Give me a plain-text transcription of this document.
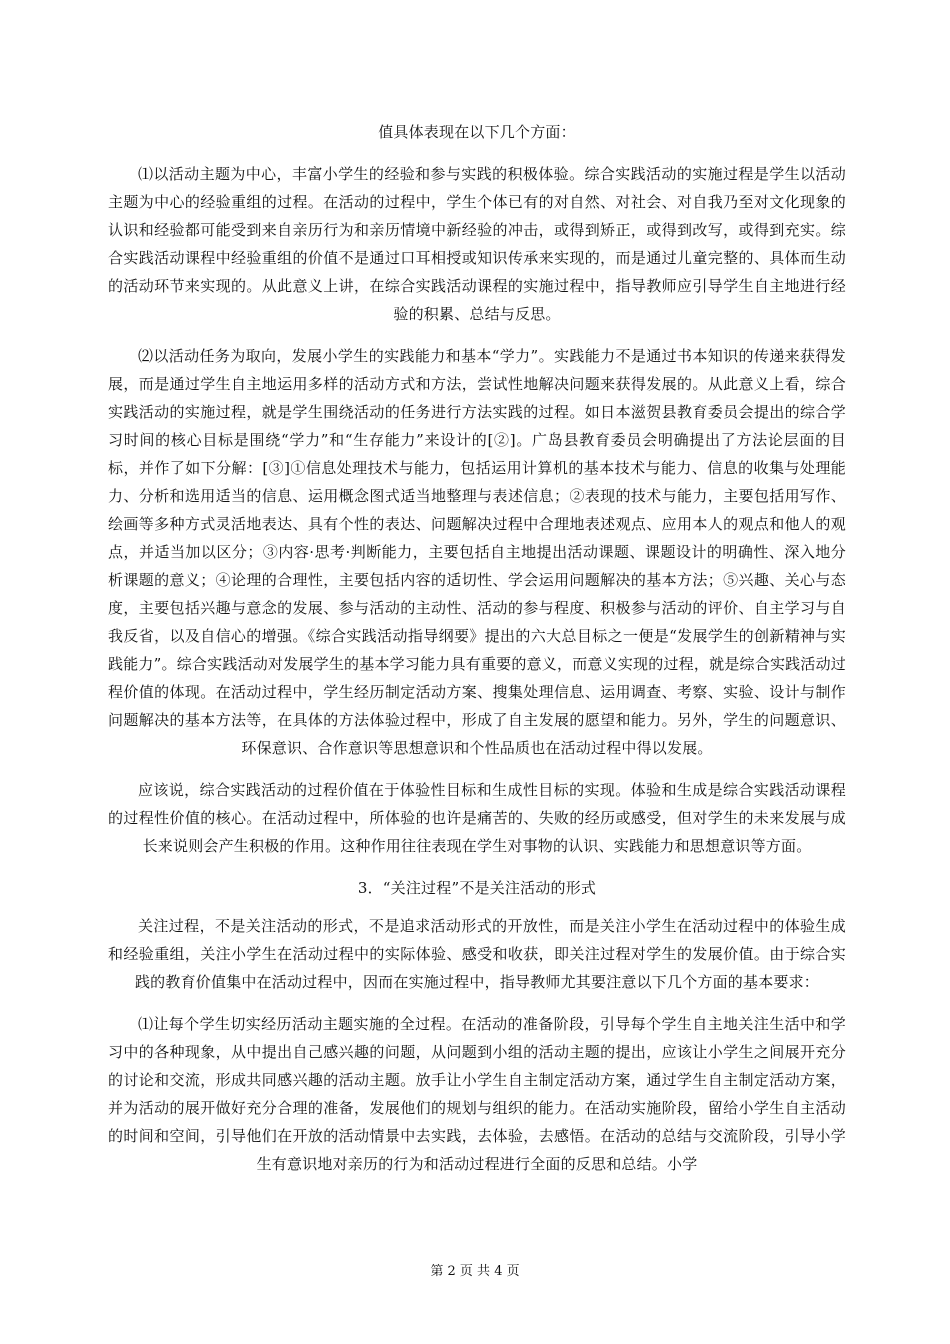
值具体表现在以下几个方面：

⑴以活动主题为中心，丰富小学生的经验和参与实践的积极体验。综合实践活动的实施过程是学生以活动主题为中心的经验重组的过程。在活动的过程中，学生个体已有的对自然、对社会、对自我乃至对文化现象的认识和经验都可能受到来自亲历行为和亲历情境中新经验的冲击，或得到矫正，或得到改写，或得到充实。综合实践活动课程中经验重组的价值不是通过口耳相授或知识传承来实现的，而是通过儿童完整的、具体而生动的活动环节来实现的。从此意义上讲，在综合实践活动课程的实施过程中，指导教师应引导学生自主地进行经验的积累、总结与反思。

⑵以活动任务为取向，发展小学生的实践能力和基本“学力”。实践能力不是通过书本知识的传递来获得发展，而是通过学生自主地运用多样的活动方式和方法，尝试性地解决问题来获得发展的。从此意义上看，综合实践活动的实施过程，就是学生围绕活动的任务进行方法实践的过程。如日本滋贺县教育委员会提出的综合学习时间的核心目标是围绕“学力”和“生存能力”来设计的[②]。广岛县教育委员会明确提出了方法论层面的目标，并作了如下分解：[③]①信息处理技术与能力，包括运用计算机的基本技术与能力、信息的收集与处理能力、分析和选用适当的信息、运用概念图式适当地整理与表述信息；②表现的技术与能力，主要包括用写作、绘画等多种方式灵活地表达、具有个性的表达、问题解决过程中合理地表述观点、应用本人的观点和他人的观点，并适当加以区分；③内容·思考·判断能力，主要包括自主地提出活动课题、课题设计的明确性、深入地分析课题的意义；④论理的合理性，主要包括内容的适切性、学会运用问题解决的基本方法；⑤兴趣、关心与态度，主要包括兴趣与意念的发展、参与活动的主动性、活动的参与程度、积极参与活动的评价、自主学习与自我反省，以及自信心的增强。《综合实践活动指导纲要》提出的六大总目标之一便是“发展学生的创新精神与实践能力”。综合实践活动对发展学生的基本学习能力具有重要的意义，而意义实现的过程，就是综合实践活动过程价值的体现。在活动过程中，学生经历制定活动方案、搜集处理信息、运用调查、考察、实验、设计与制作问题解决的基本方法等，在具体的方法体验过程中，形成了自主发展的愿望和能力。另外，学生的问题意识、环保意识、合作意识等思想意识和个性品质也在活动过程中得以发展。

应该说，综合实践活动的过程价值在于体验性目标和生成性目标的实现。体验和生成是综合实践活动课程的过程性价值的核心。在活动过程中，所体验的也许是痛苦的、失败的经历或感受，但对学生的未来发展与成长来说则会产生积极的作用。这种作用往往表现在学生对事物的认识、实践能力和思想意识等方面。

3．“关注过程”不是关注活动的形式

关注过程，不是关注活动的形式，不是追求活动形式的开放性，而是关注小学生在活动过程中的体验生成和经验重组，关注小学生在活动过程中的实际体验、感受和收获，即关注过程对学生的发展价值。由于综合实践的教育价值集中在活动过程中，因而在实施过程中，指导教师尤其要注意以下几个方面的基本要求：

⑴让每个学生切实经历活动主题实施的全过程。在活动的准备阶段，引导每个学生自主地关注生活中和学习中的各种现象，从中提出自己感兴趣的问题，从问题到小组的活动主题的提出，应该让小学生之间展开充分的讨论和交流，形成共同感兴趣的活动主题。放手让小学生自主制定活动方案，通过学生自主制定活动方案，并为活动的展开做好充分合理的准备，发展他们的规划与组织的能力。在活动实施阶段，留给小学生自主活动的时间和空间，引导他们在开放的活动情景中去实践，去体验，去感悟。在活动的总结与交流阶段，引导小学生有意识地对亲历的行为和活动过程进行全面的反思和总结。小学

第 2 页 共 4 页
